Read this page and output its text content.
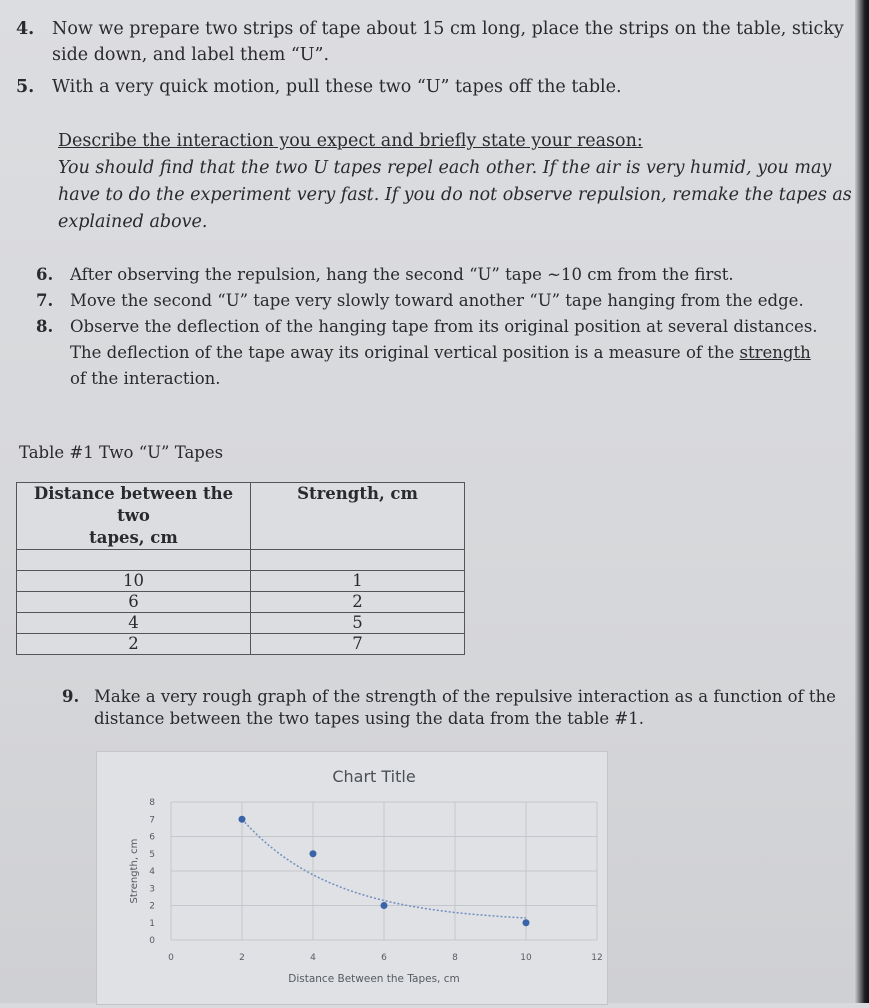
4. Now we prepare two strips of tape about 15 cm long, place the strips on the table, sticky
side down, and label them “U”.
5. With a very quick motion, pull these two “U” tapes off the table.
Describe the interaction you expect and briefly state your reason:
You should find that the two U tapes repel each other. If the air is very humid, you may
have to do the experiment very fast. If you do not observe repulsion, remake the tapes as
explained above.
6. After observing the repulsion, hang the second “U” tape ~10 cm from the first.
7. Move the second “U” tape very slowly toward another “U” tape hanging from the edge.
8. Observe the deflection of the hanging tape from its original position at several distances.
The deflection of the tape away its original vertical position is a measure of the strength
of the interaction.
Table #1 Two “U” Tapes
Distance between the two
tapes, cm	Strength, cm

10	1
6	2
4	5
2	7
9. Make a very rough graph of the strength of the repulsive interaction as a function of the
distance between the two tapes using the data from the table #1.
Chart Title
0	2	4	6	8	10	12
0
1
2
3
4
5
6
7
8
Distance Between the Tapes, cm
Strength, cm
